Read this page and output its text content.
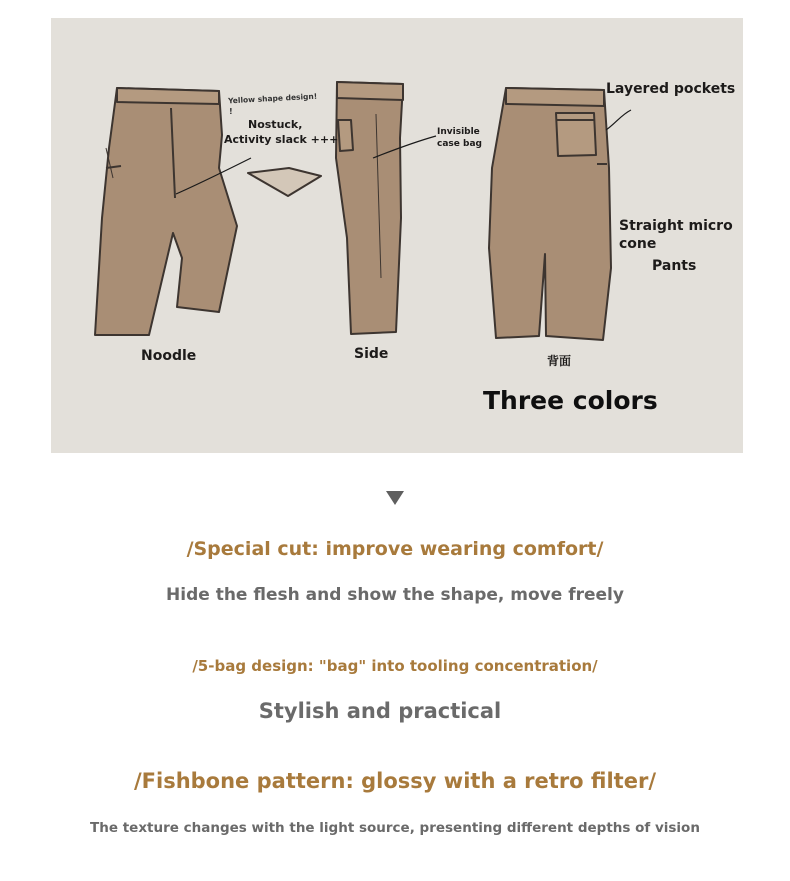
Noodle	Side
Yellow shape design!
!
Nostuck,
Activity slack +++
Invisible
case bag
Layered pockets
Straight micro
cone
Pants
背面
Three colors
/Special cut: improve wearing comfort/
Hide the flesh and show the shape, move freely
/5-bag design: "bag" into tooling concentration/
Stylish and practical
/Fishbone pattern: glossy with a retro filter/
The texture changes with the light source, presenting different depths of vision
